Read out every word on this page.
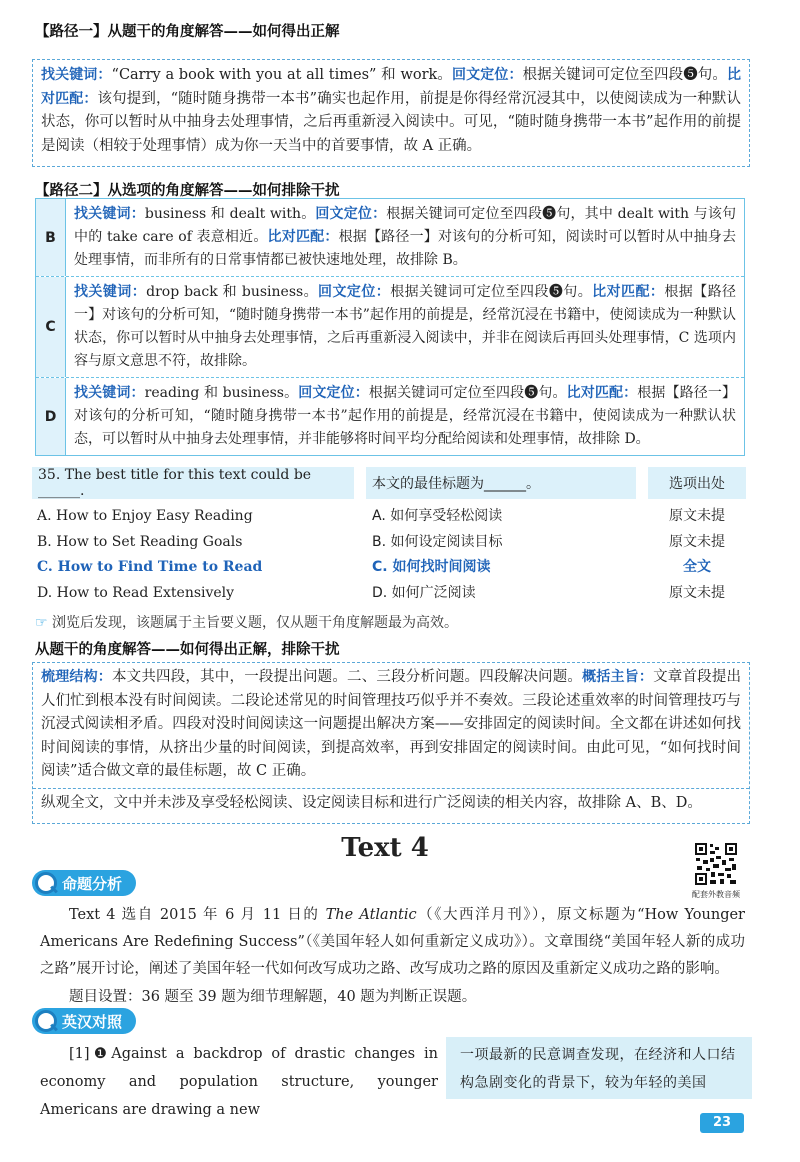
【路径一】从题干的角度解答——如何得出正解
找关键词：“Carry a book with you at all times” 和 work。回文定位：根据关键词可定位至四段❺句。比对匹配：该句提到，“随时随身携带一本书”确实也起作用，前提是你得经常沉浸其中，以使阅读成为一种默认状态，你可以暂时从中抽身去处理事情，之后再重新浸入阅读中。可见，“随时随身携带一本书”起作用的前提是阅读（相较于处理事情）成为你一天当中的首要事情，故 A 正确。
【路径二】从选项的角度解答——如何排除干扰
B
找关键词：business 和 dealt with。回文定位：根据关键词可定位至四段❺句，其中 dealt with 与该句中的 take care of 表意相近。比对匹配：根据【路径一】对该句的分析可知，阅读时可以暂时从中抽身去处理事情，而非所有的日常事情都已被快速地处理，故排除 B。
C
找关键词：drop back 和 business。回文定位：根据关键词可定位至四段❺句。比对匹配：根据【路径一】对该句的分析可知，“随时随身携带一本书”起作用的前提是，经常沉浸在书籍中，使阅读成为一种默认状态，你可以暂时从中抽身去处理事情，之后再重新浸入阅读中，并非在阅读后再回头处理事情，C 选项内容与原文意思不符，故排除。
D
找关键词：reading 和 business。回文定位：根据关键词可定位至四段❺句。比对匹配：根据【路径一】对该句的分析可知，“随时随身携带一本书”起作用的前提是，经常沉浸在书籍中，使阅读成为一种默认状态，可以暂时从中抽身去处理事情，并非能够将时间平均分配给阅读和处理事情，故排除 D。
35. The best title for this text could be ______.	本文的最佳标题为______。	选项出处
A. How to Enjoy Easy Reading
B. How to Set Reading Goals
C. How to Find Time to Read
D. How to Read Extensively
A. 如何享受轻松阅读
B. 如何设定阅读目标
C. 如何找时间阅读
D. 如何广泛阅读
原文未提
原文未提
全文
原文未提
☞ 浏览后发现，该题属于主旨要义题，仅从题干角度解题最为高效。
从题干的角度解答——如何得出正解，排除干扰
梳理结构：本文共四段，其中，一段提出问题。二、三段分析问题。四段解决问题。概括主旨：文章首段提出人们忙到根本没有时间阅读。二段论述常见的时间管理技巧似乎并不奏效。三段论述重效率的时间管理技巧与沉浸式阅读相矛盾。四段对没时间阅读这一问题提出解决方案——安排固定的阅读时间。全文都在讲述如何找时间阅读的事情，从挤出少量的时间阅读，到提高效率，再到安排固定的阅读时间。由此可见，“如何找时间阅读”适合做文章的最佳标题，故 C 正确。
纵观全文，文中并未涉及享受轻松阅读、设定阅读目标和进行广泛阅读的相关内容，故排除 A、B、D。
Text 4
配套外教音频
命题分析
Text 4 选自 2015 年 6 月 11 日的 The Atlantic（《大西洋月刊》），原文标题为“How Younger Americans Are Redefining Success”（《美国年轻人如何重新定义成功》）。文章围绕“美国年轻人新的成功之路”展开讨论，阐述了美国年轻一代如何改写成功之路、改写成功之路的原因及重新定义成功之路的影响。
题目设置：36 题至 39 题为细节理解题，40 题为判断正误题。
英汉对照
[1]❶Against a backdrop of drastic changes in economy and population structure, younger Americans are drawing a new
一项最新的民意调查发现，在经济和人口结构急剧变化的背景下，较为年轻的美国
23
